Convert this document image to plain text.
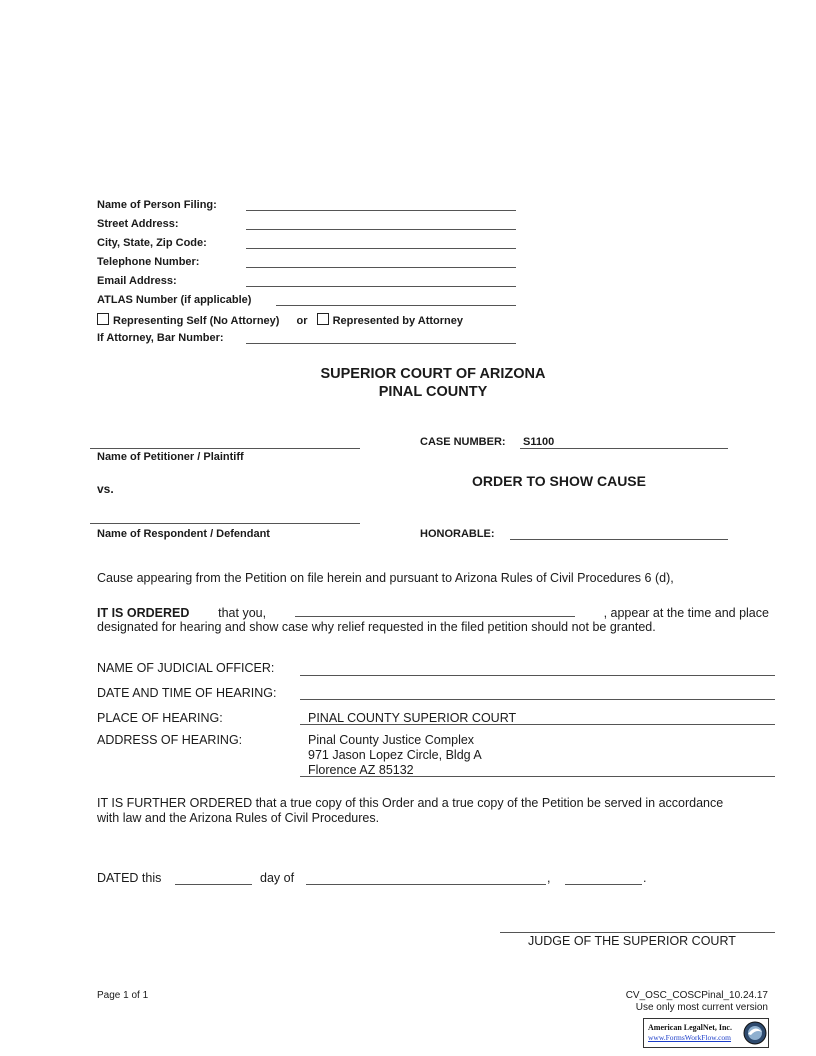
Name of Person Filing:
Street Address:
City, State, Zip Code:
Telephone Number:
Email Address:
ATLAS Number (if applicable)
Representing Self (No Attorney) or Represented by Attorney
If Attorney, Bar Number:
SUPERIOR COURT OF ARIZONA
PINAL COUNTY
Name of Petitioner / Plaintiff
vs.
Name of Respondent / Defendant
CASE NUMBER: S1100
ORDER TO SHOW CAUSE
HONORABLE:
Cause appearing from the Petition on file herein and pursuant to Arizona Rules of Civil Procedures 6 (d),
IT IS ORDERED that you,	, appear at the time and place
designated for hearing and show case why relief requested in the filed petition should not be granted.
NAME OF JUDICIAL OFFICER:
DATE AND TIME OF HEARING:
PLACE OF HEARING:	PINAL COUNTY SUPERIOR COURT
ADDRESS OF HEARING:	Pinal County Justice Complex
971 Jason Lopez Circle, Bldg A
Florence AZ 85132
IT IS FURTHER ORDERED that a true copy of this Order and a true copy of the Petition be served in accordance
with law and the Arizona Rules of Civil Procedures.
DATED this	day of	,	.
JUDGE OF THE SUPERIOR COURT
Page 1 of 1	CV_OSC_COSCPinal_10.24.17
Use only most current version
American LegalNet, Inc.
www.FormsWorkFlow.com
